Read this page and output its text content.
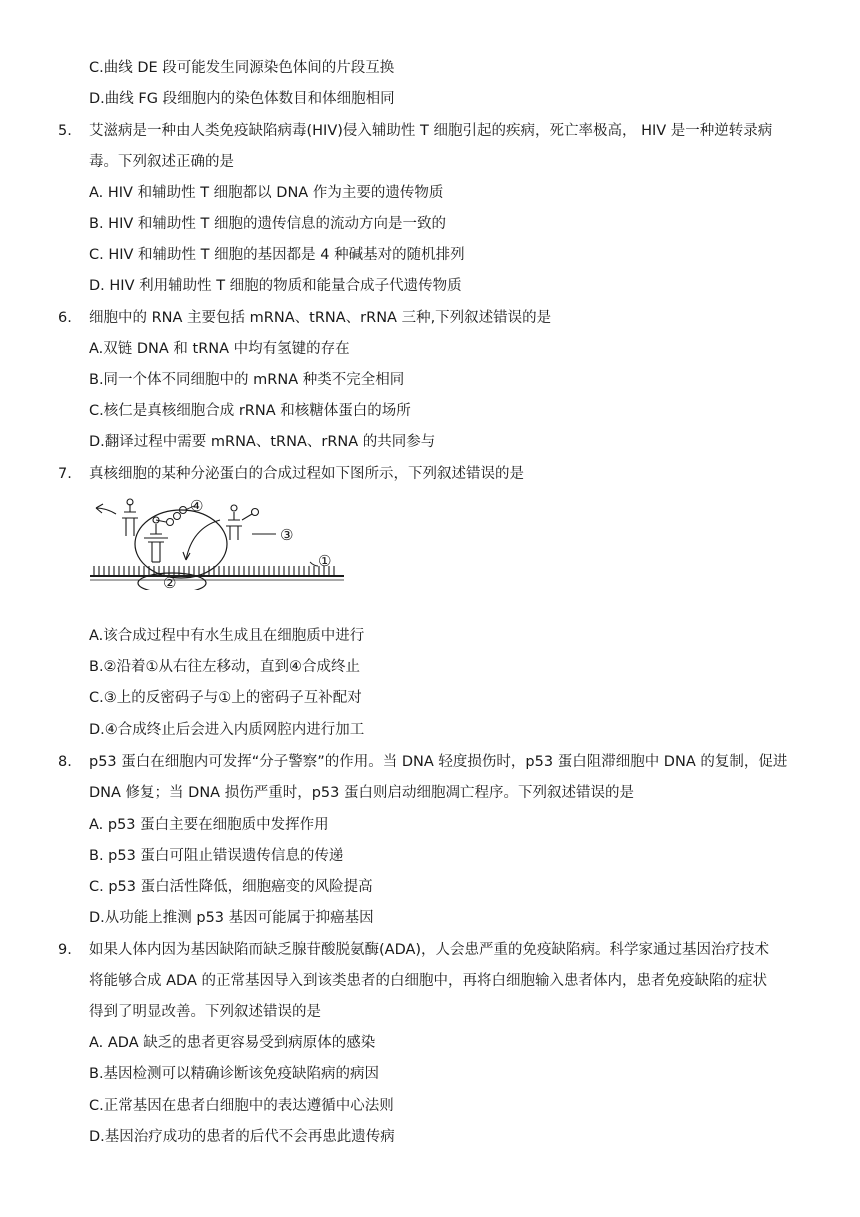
C.曲线 DE 段可能发生同源染色体间的片段互换
D.曲线 FG 段细胞内的染色体数目和体细胞相同
5. 艾滋病是一种由人类免疫缺陷病毒(HIV)侵入辅助性 T 细胞引起的疾病，死亡率极高， HIV 是一种逆转录病
毒。下列叙述正确的是
A. HIV 和辅助性 T 细胞都以 DNA 作为主要的遗传物质
B. HIV 和辅助性 T 细胞的遗传信息的流动方向是一致的
C. HIV 和辅助性 T 细胞的基因都是 4 种碱基对的随机排列
D. HIV 利用辅助性 T 细胞的物质和能量合成子代遗传物质
6. 细胞中的 RNA 主要包括 mRNA、tRNA、rRNA 三种,下列叙述错误的是
A.双链 DNA 和 tRNA 中均有氢键的存在
B.同一个体不同细胞中的 mRNA 种类不完全相同
C.核仁是真核细胞合成 rRNA 和核糖体蛋白的场所
D.翻译过程中需要 mRNA、tRNA、rRNA 的共同参与
7. 真核细胞的某种分泌蛋白的合成过程如下图所示，下列叙述错误的是
④
③
①
②
A.该合成过程中有水生成且在细胞质中进行
B.②沿着①从右往左移动，直到④合成终止
C.③上的反密码子与①上的密码子互补配对
D.④合成终止后会进入内质网腔内进行加工
8. p53 蛋白在细胞内可发挥“分子警察”的作用。当 DNA 轻度损伤时，p53 蛋白阻滞细胞中 DNA 的复制，促进
DNA 修复；当 DNA 损伤严重时，p53 蛋白则启动细胞凋亡程序。下列叙述错误的是
A. p53 蛋白主要在细胞质中发挥作用
B. p53 蛋白可阻止错误遗传信息的传递
C. p53 蛋白活性降低，细胞癌变的风险提高
D.从功能上推测 p53 基因可能属于抑癌基因
9. 如果人体内因为基因缺陷而缺乏腺苷酸脱氨酶(ADA)，人会患严重的免疫缺陷病。科学家通过基因治疗技术
将能够合成 ADA 的正常基因导入到该类患者的白细胞中，再将白细胞输入患者体内，患者免疫缺陷的症状
得到了明显改善。下列叙述错误的是
A. ADA 缺乏的患者更容易受到病原体的感染
B.基因检测可以精确诊断该免疫缺陷病的病因
C.正常基因在患者白细胞中的表达遵循中心法则
D.基因治疗成功的患者的后代不会再患此遗传病
